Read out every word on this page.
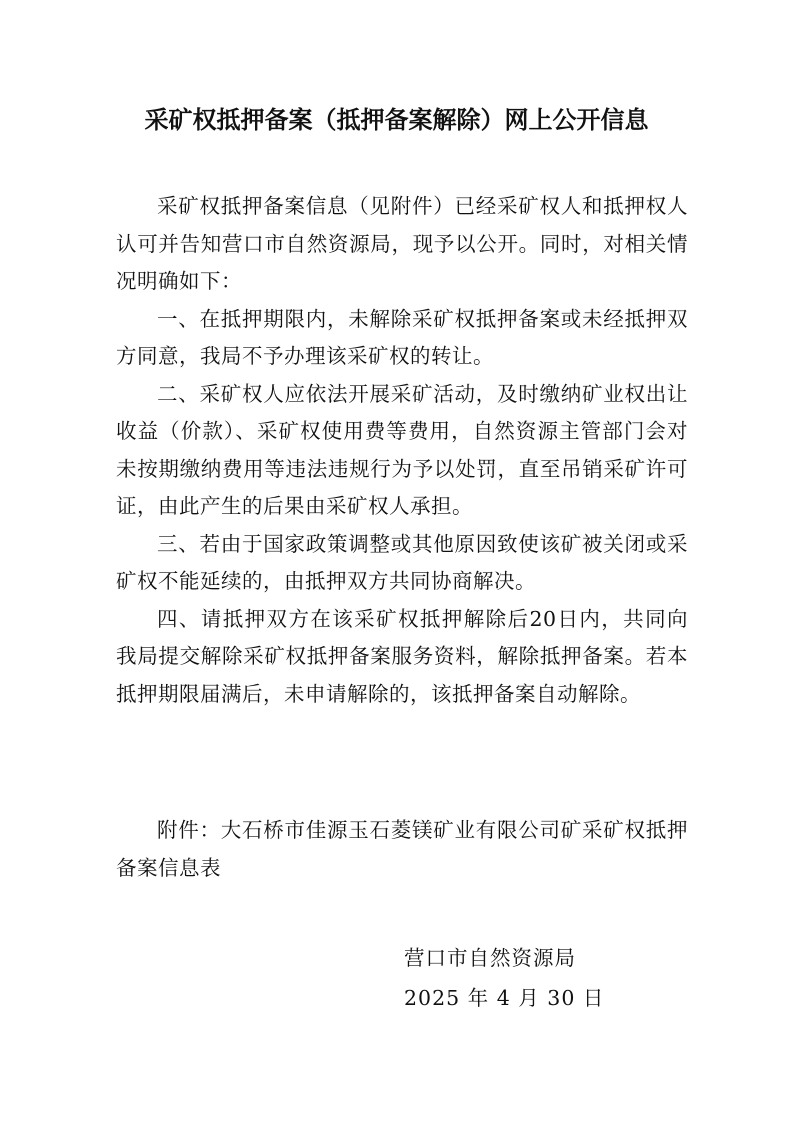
采矿权抵押备案（抵押备案解除）网上公开信息

采矿权抵押备案信息（见附件）已经采矿权人和抵押权人认可并告知营口市自然资源局，现予以公开。同时，对相关情况明确如下：

一、在抵押期限内，未解除采矿权抵押备案或未经抵押双方同意，我局不予办理该采矿权的转让。

二、采矿权人应依法开展采矿活动，及时缴纳矿业权出让收益（价款）、采矿权使用费等费用，自然资源主管部门会对未按期缴纳费用等违法违规行为予以处罚，直至吊销采矿许可证，由此产生的后果由采矿权人承担。

三、若由于国家政策调整或其他原因致使该矿被关闭或采矿权不能延续的，由抵押双方共同协商解决。

四、请抵押双方在该采矿权抵押解除后20日内，共同向我局提交解除采矿权抵押备案服务资料，解除抵押备案。若本抵押期限届满后，未申请解除的，该抵押备案自动解除。

附件：大石桥市佳源玉石菱镁矿业有限公司矿采矿权抵押备案信息表

营口市自然资源局
2025 年 4 月 30 日
